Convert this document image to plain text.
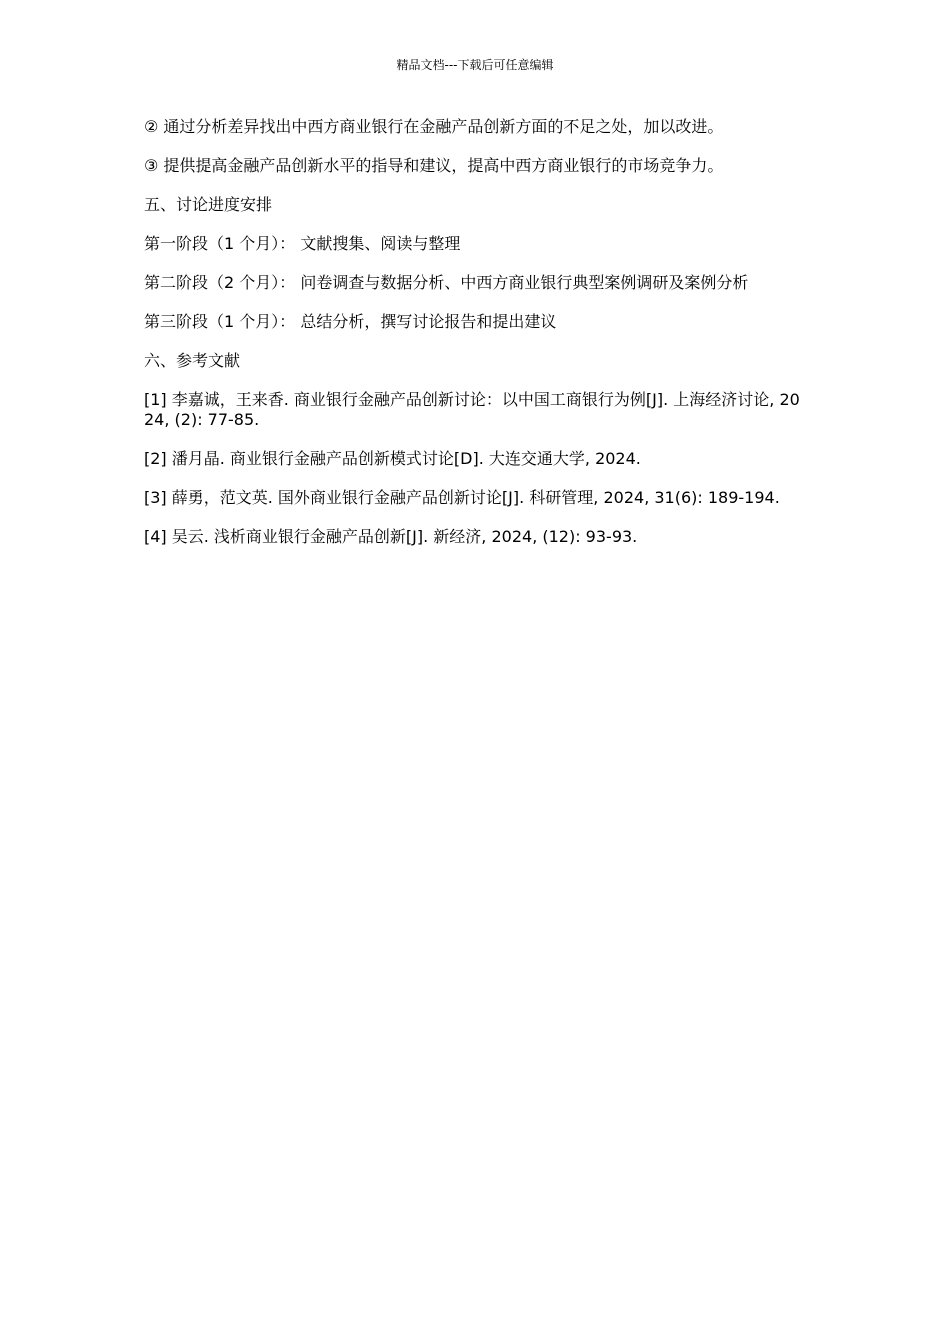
精品文档---下载后可任意编辑

② 通过分析差异找出中西方商业银行在金融产品创新方面的不足之处，加以改进。

③ 提供提高金融产品创新水平的指导和建议，提高中西方商业银行的市场竞争力。

五、讨论进度安排

第一阶段（1 个月）： 文献搜集、阅读与整理

第二阶段（2 个月）： 问卷调查与数据分析、中西方商业银行典型案例调研及案例分析

第三阶段（1 个月）： 总结分析，撰写讨论报告和提出建议

六、参考文献

[1] 李嘉诚，王来香. 商业银行金融产品创新讨论：以中国工商银行为例[J]. 上海经济讨论, 2024, (2): 77-85.

[2] 潘月晶. 商业银行金融产品创新模式讨论[D]. 大连交通大学, 2024.

[3] 薛勇，范文英. 国外商业银行金融产品创新讨论[J]. 科研管理, 2024, 31(6): 189-194.

[4] 吴云. 浅析商业银行金融产品创新[J]. 新经济, 2024, (12): 93-93.
